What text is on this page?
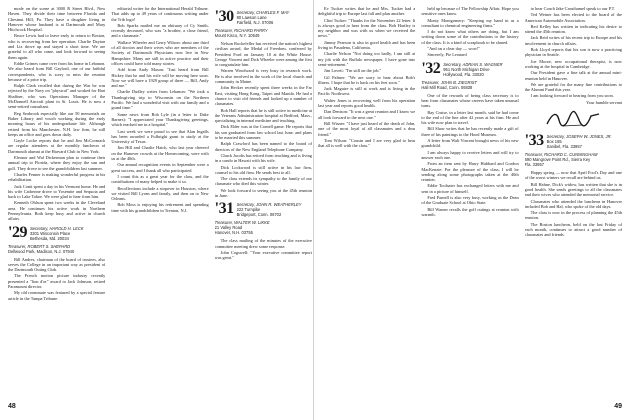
mode on the scene at 3000 R Street Blvd., New Haven. They divide their time between Florida and Chestnut Hill, Pa. They have a daughter living in Hanover whose husband is at Dartmouth and Mary Hitchcock Hospital.

Bruce Lewis had to leave early to return to Boston, who is recovering from her operation. Charlie Dayton and Liz drove up and stayed a short time. We are grateful to all who came, and look forward to seeing them again.

Eddie Grimes came over from his home in Lebanon. We also heard from Bill Gaylord, one of our faithful correspondents, who is sorry to miss the reunion because of a prior trip.

Ralph Clark recalled that during the War he was rejected by the Navy on "physical" and worked for Hart Shaffner, who was Operations Manager of the McDonnell Aircraft plant in St. Louis. He is now a semi-retired consultant.

Reg Seabrook especially like our 50 memorials on Baker Library and vouch working during the early morning hours of his undergraduate life. Although retired from his Manchester, N.H. law firm, he still keeps an office and goes down daily.

Gayle Locke reports that he and Jim McCormack are regular attendees at the monthly luncheon of Dartmouth alumni at the Harvard Club in New York.

Eleanor and Wal Dickerman plan to continue their annual trip to Florida, where they enjoy the sun and golf. They drove to see the grandchildren last summer.

Charles Fenner is making wonderful progress in his rehabilitation.

Jack Conti spent a day in his Vermont home. He and his wife Catherine drove to Yosemite and Sequoia and back to Lake Tahoe. We were glad to hear from him.

Kenneth Ohlson spent two weeks in the Cleveland area. He continues his active work in Northern Pennsylvania. Both keep busy and active in church affairs.

'29 Secretary, HAROLD H. LECK
3201 Wisconsin Place
Bethesda, Md. 20034
Treasurer, ROBERT S. SHEPARD
Dellwood Park, Madison, N.J. 07940

Bill Andres, chairman of the board of trustees, also serves the College in an important way as president of the Dartmouth Outing Club.

The French motion picture industry recently presented a "lion d'or" award to Jack Johnson, retired Paramount director.

My old roommate was featured by a special feature article in the Tampa Tribune.

editorial writer for the International Herald Tribune. That adds up to 49 years of continuous writing under the Trib logo!

Bob Sparks mailed me an obituary of Cy Smith, recently deceased, who was "a brother, a close friend, and a classmate."

Wallace Wheeler and Gerry Wilson: about one third of all doctors and their wives who are members of the Society of Dartmouth Physicians now live in New Hampshire. Many are still in active practice and their offices could have told many stories.

Add from Andy Mason: "Just heard from Bill Hickey that he and his wife will be moving here soon. Now we will have a 1929 group of three — Bill, Andy and me."

Charlie Dudley writes from Lebanon: "We took a Thanksgiving trip to Wisconsin on the Northern Pacific. We had a wonderful visit with our family and a grand time."

Some news from Bob Lyle (in a letter to Dake Barnes): "I appreciated your Thanksgiving greetings, which reached me in a hospital."

Last week we were proud to see that Alan Ingalls has been awarded a Fulbright grant to study at the University of Texas.

Jim Hill and Charlie Hatch, who last year cheered on the Hanover crowds at the Homecoming, were with us at the 40th.

Our annual recognition events in September were a great success, and I thank all who participated.

I count this as a great year for the class, and the contributions of many helped to make it so.

Recollections include a stopover in Houston, where we visited Bill Lyons and family, and then on to New Orleans.

Bob Moss is enjoying his retirement and spending time with his grandchildren in Trenton, N.J.

'30 Secretary, CHARLES F. MAY
80 Lawson Lane
Fairfield, N.J. 07006
Treasurer, RICHARD PARRY
Mount Kisco, N.Y. 10549

Nelson Rockefeller has received the nation's highest civilian award, the Medal of Freedom, conferred by President Ford on January 10 at the White House. George Vincent and Dick Wheeler were among the first to congratulate him.

Warren Woodward is very busy in research work. He is also involved in the work of the local church and community in Maine.

John Hecker recently spent three weeks in the Far East, visiting Hong Kong, Taipei and Manila. He had a chance to visit old friends and looked up a number of classmates.

Bob Hall reports that he is still active in medicine at the Veterans Administration hospital at Bedford, Mass., specializing in internal medicine and teaching.

Dick Elder was at the Cornell game. He reports that his son graduated from law school last June, and plans to be married this summer.

Ralph Crawford has been named to the board of directors of the New England Telephone Company.

Chuck Jacobs has retired from teaching and is living in a condo in Hawaii with his wife.

Dick Lockwood is still active in his law firm, counsel to his old firm. He sends best to all.

The class extends its sympathy to the family of our classmate who died this winter.

We look forward to seeing you at the 45th reunion in June.

'31 Secretary, JOHN R. WEATHERLEY
222 Turnpike
Bridgeport, Conn. 06702
Treasurer, WALTER W. LIKKE
21 Valley Road
Hanover, N.H. 03755

The class mailing of the minutes of the executive committee meeting drew some response.

John Cogswell: "Your executive committee report was great."

48

Ev Tucker writes that he and Mrs. Tucker had a delightful trip to Europe last fall and plan another.

Clint Tucker: "Thanks for the November 22 letter. It is always good to hear from the class. Bob Hartley is my neighbor and was with us when we received the news."

Jimmy Pearson is also in good health and has been living in Pasadena, California.

Charlie Nelson "Not doing too badly, I am still at my job with the Buffalo newspaper. I have gone into semi-retirement."

Jim Lovett: "I'm still on the job."

Gil Palmer: "We are sorry to hear about Bob's illness. I hope that he is back on his feet soon."

Jack Maguire is still at work and is living in the Pacific Northwest.

Walter Jones is recovering well from his operation last year and reports good health.

Dan Denison: "It was a great reunion and I know we all look forward to the next one."

Bill Wisner: "I have just heard of the death of John, one of the most loyal of all classmates and a dear friend."

Tom Wilson: "Cousin and I are very glad to hear that all is well with the class."

held up because of The Fellowship Affair. Hope you sensitive ones know.

Monty Montgomery: "Keeping my hand in as a consultant to chemical engineering firms."

I do not know what others are doing, but I am writing down some of the contributions to the history of the class. It is a kind of scrapbook to be shared.

"And on a clear day — wow!"

Sincerely, Pie Leonard

'32 Secretary, ADRIAN S. WAGNER
951 North Michigan Drive
Hollywood, Fla. 33020
Treasurer, JOHN B. ZIEGRIST
Hall Mill Road, Conn. 06838

One of the rewards of being class secretary is to hear from classmates whose careers have taken unusual turns.

Ray Cruise, in a letter last month, said he had come to the end of the line after 42 years at his firm. He and his wife now plan to travel.

Bill Shaw writes that he has recently made a gift of three of his paintings to the Hood Museum.

A letter from Walt Vincent brought news of his new grandchild.

I am always happy to receive letters and will try to answer each one.

From an item sent by Harry Hubbard and Gordon MacKenzie: For the pleasure of the class, I will be sending along some photographs taken at the 40th reunion.

Eddie Toolsater has exchanged letters with me and sent in a picture of himself.

Fred Parnell is also very busy, working as the Dean of the Graduate School at Ohio State.

Bill Warner recalls the golf outings at reunion with warmth.

to hear Coach Jake Crouthamel speak to our P.T.

Ted Weiner has been elected to the board of the American Automobile Association.

Red Kelley has written in indicating his desire to attend the 45th reunion.

Jack Reid writes of his recent trip to Europe and his involvement in church affairs.

Bob Lloyd reports that his son is now a practicing physician in Seattle.

Joe Moore, new occupational therapist, is now working at the hospital in Cambridge.

Our President gave a fine talk at the annual mini-reunion held in Hanover.

We are grateful for the many fine contributions to the Alumni Fund this year.

I am looking forward to hearing from you soon.

Your humble servant
'33 Secretary, JOSEPH W. JONES, JR.
Box 165
Sanibel, Fla. 33957
Treasurer, RICHARD C. CUNNINGHAM
690 Mangrove Point Rd., Sierra Key
Fla. 33957

Happy spring — now that April Fool's Day and one of the worst winters we recall are behind us.

Bill Hahne, Dick's widow, has written that she is in good health. She sends greetings to all the classmates and their wives who attended the memorial service.

Classmates who attended the luncheon in Hanover included Bob and Hal, who spoke of the old days.

The class is now in the process of planning the 45th reunion.

The Boston luncheon, held on the last Friday of each month, continues to attract a good number of classmates and friends.

49
